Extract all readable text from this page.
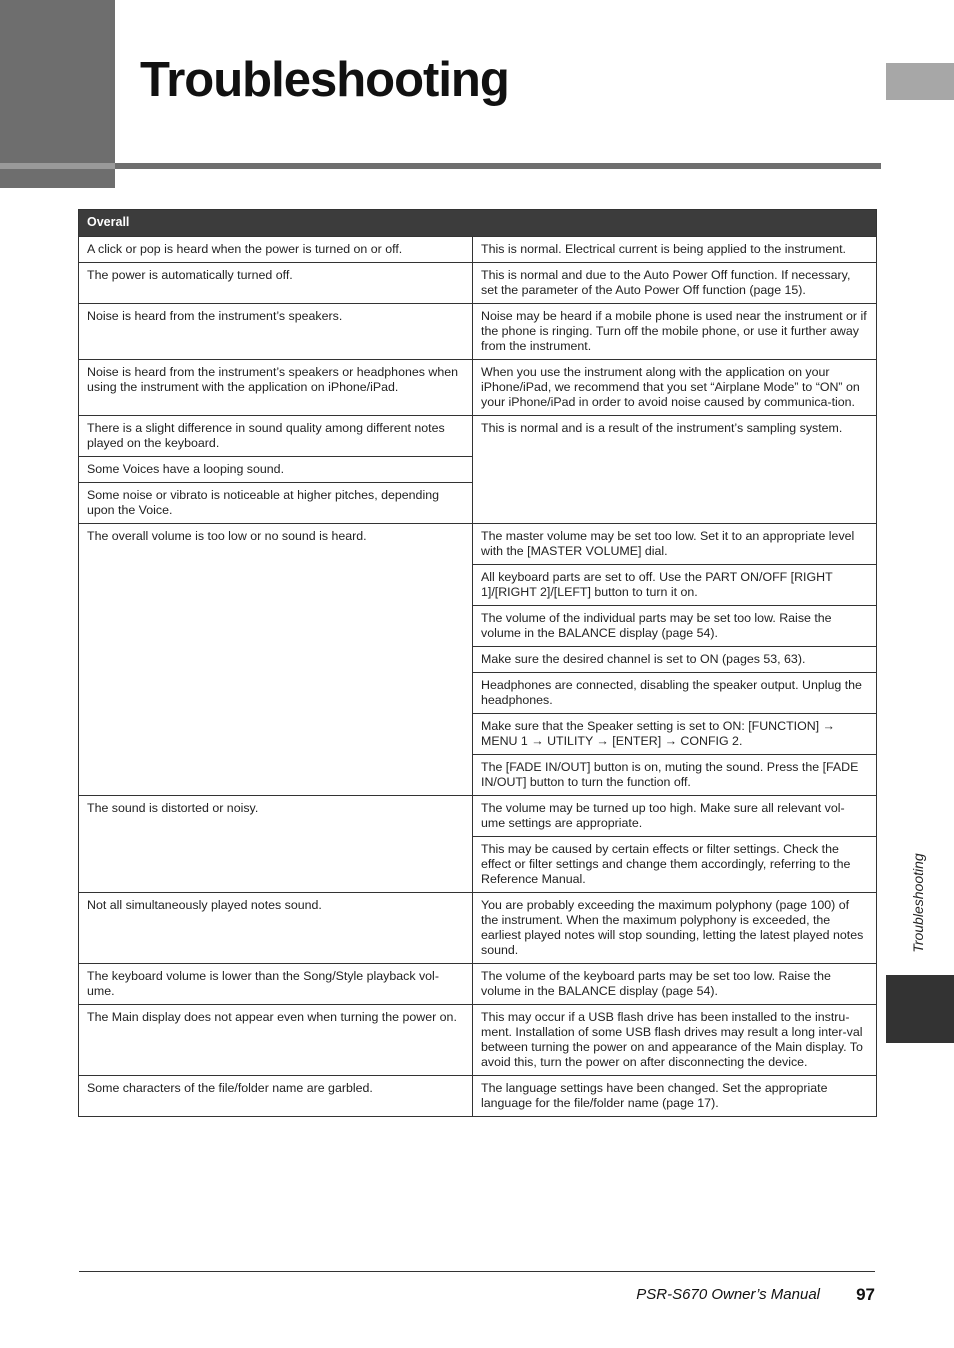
Troubleshooting
Troubleshooting
Overall	
A click or pop is heard when the power is turned on or off.	This is normal. Electrical current is being applied to the instrument.
The power is automatically turned off.	This is normal and due to the Auto Power Off function. If necessary, set the parameter of the Auto Power Off function (page 15).
Noise is heard from the instrument’s speakers.	Noise may be heard if a mobile phone is used near the instrument or if the phone is ringing. Turn off the mobile phone, or use it further away from the instrument.
Noise is heard from the instrument’s speakers or headphones when using the instrument with the application on iPhone/iPad.	When you use the instrument along with the application on your iPhone/iPad, we recommend that you set “Airplane Mode” to “ON” on your iPhone/iPad in order to avoid noise caused by communica-tion.
There is a slight difference in sound quality among different notes played on the keyboard.	This is normal and is a result of the instrument’s sampling system.
Some Voices have a looping sound.	
Some noise or vibrato is noticeable at higher pitches, depending upon the Voice.	
The overall volume is too low or no sound is heard.	The master volume may be set too low. Set it to an appropriate level with the [MASTER VOLUME] dial.
	All keyboard parts are set to off. Use the PART ON/OFF [RIGHT 1]/[RIGHT 2]/[LEFT] button to turn it on.
	The volume of the individual parts may be set too low. Raise the volume in the BALANCE display (page 54).
	Make sure the desired channel is set to ON (pages 53, 63).
	Headphones are connected, disabling the speaker output. Unplug the headphones.
	Make sure that the Speaker setting is set to ON: [FUNCTION] → MENU 1 → UTILITY → [ENTER] → CONFIG 2.
	The [FADE IN/OUT] button is on, muting the sound. Press the [FADE IN/OUT] button to turn the function off.
The sound is distorted or noisy.	The volume may be turned up too high. Make sure all relevant vol-ume settings are appropriate.
	This may be caused by certain effects or filter settings. Check the effect or filter settings and change them accordingly, referring to the Reference Manual.
Not all simultaneously played notes sound.	You are probably exceeding the maximum polyphony (page 100) of the instrument. When the maximum polyphony is exceeded, the earliest played notes will stop sounding, letting the latest played notes sound.
The keyboard volume is lower than the Song/Style playback vol-ume.	The volume of the keyboard parts may be set too low. Raise the volume in the BALANCE display (page 54).
The Main display does not appear even when turning the power on.	This may occur if a USB flash drive has been installed to the instru-ment. Installation of some USB flash drives may result a long inter-val between turning the power on and appearance of the Main display. To avoid this, turn the power on after disconnecting the device.
Some characters of the file/folder name are garbled.	The language settings have been changed. Set the appropriate language for the file/folder name (page 17).
PSR-S670 Owner’s Manual 97
